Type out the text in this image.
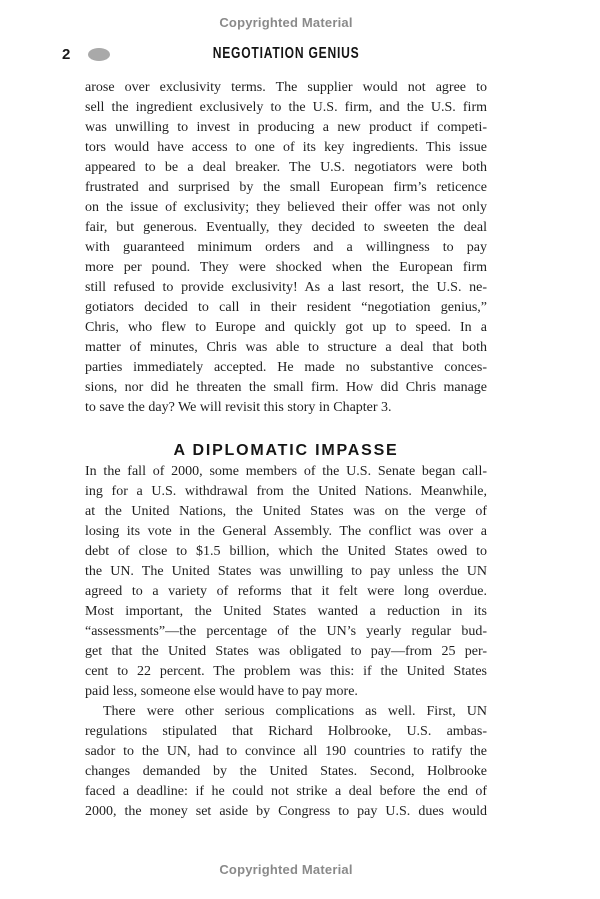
Copyrighted Material
2	NEGOTIATION GENIUS
arose over exclusivity terms. The supplier would not agree to
sell the ingredient exclusively to the U.S. firm, and the U.S. firm
was unwilling to invest in producing a new product if competi-
tors would have access to one of its key ingredients. This issue
appeared to be a deal breaker. The U.S. negotiators were both
frustrated and surprised by the small European firm’s reticence
on the issue of exclusivity; they believed their offer was not only
fair, but generous. Eventually, they decided to sweeten the deal
with guaranteed minimum orders and a willingness to pay
more per pound. They were shocked when the European firm
still refused to provide exclusivity! As a last resort, the U.S. ne-
gotiators decided to call in their resident “negotiation genius,”
Chris, who flew to Europe and quickly got up to speed. In a
matter of minutes, Chris was able to structure a deal that both
parties immediately accepted. He made no substantive conces-
sions, nor did he threaten the small firm. How did Chris manage
to save the day? We will revisit this story in Chapter 3.
A DIPLOMATIC IMPASSE
In the fall of 2000, some members of the U.S. Senate began call-
ing for a U.S. withdrawal from the United Nations. Meanwhile,
at the United Nations, the United States was on the verge of
losing its vote in the General Assembly. The conflict was over a
debt of close to $1.5 billion, which the United States owed to
the UN. The United States was unwilling to pay unless the UN
agreed to a variety of reforms that it felt were long overdue.
Most important, the United States wanted a reduction in its
“assessments”—the percentage of the UN’s yearly regular bud-
get that the United States was obligated to pay—from 25 per-
cent to 22 percent. The problem was this: if the United States
paid less, someone else would have to pay more.
There were other serious complications as well. First, UN
regulations stipulated that Richard Holbrooke, U.S. ambas-
sador to the UN, had to convince all 190 countries to ratify the
changes demanded by the United States. Second, Holbrooke
faced a deadline: if he could not strike a deal before the end of
2000, the money set aside by Congress to pay U.S. dues would
Copyrighted Material
